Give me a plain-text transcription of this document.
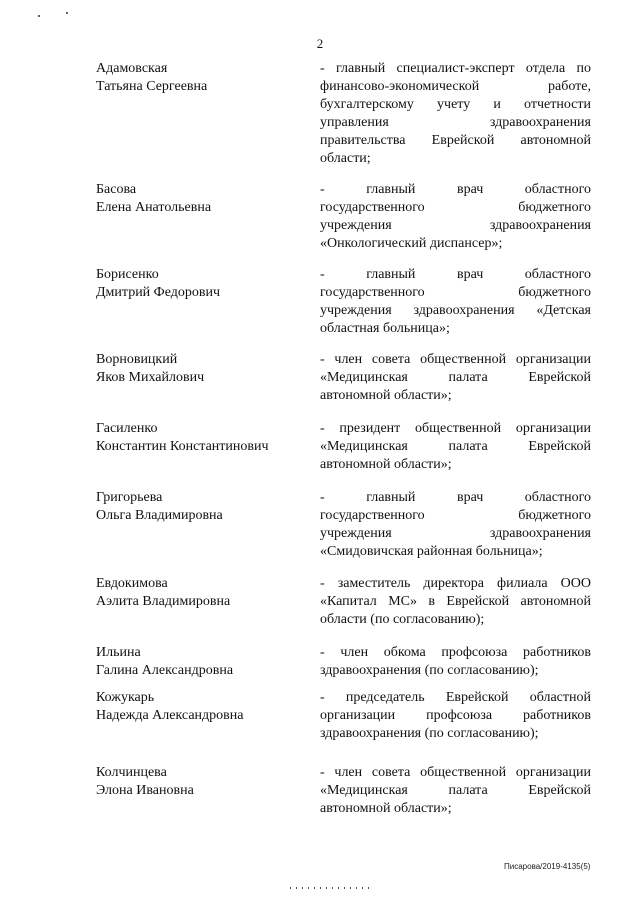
2
Адамовская
Татьяна Сергеевна
- главный специалист-эксперт отдела по
финансово-экономической работе,
бухгалтерскому учету и отчетности
управления здравоохранения
правительства Еврейской автономной
области;
Басова
Елена Анатольевна
- главный врач областного
государственного бюджетного
учреждения здравоохранения
«Онкологический диспансер»;
Борисенко
Дмитрий Федорович
- главный врач областного
государственного бюджетного
учреждения здравоохранения «Детская
областная больница»;
Ворновицкий
Яков Михайлович
- член совета общественной организации
«Медицинская палата Еврейской
автономной области»;
Гасиленко
Константин Константинович
- президент общественной организации
«Медицинская палата Еврейской
автономной области»;
Григорьева
Ольга Владимировна
- главный врач областного
государственного бюджетного
учреждения здравоохранения
«Смидовичская районная больница»;
Евдокимова
Аэлита Владимировна
- заместитель директора филиала ООО
«Капитал МС» в Еврейской автономной
области (по согласованию);
Ильина
Галина Александровна
- член обкома профсоюза работников
здравоохранения (по согласованию);
Кожукарь
Надежда Александровна
- председатель Еврейской областной
организации профсоюза работников
здравоохранения (по согласованию);
Колчинцева
Элона Ивановна
- член совета общественной организации
«Медицинская палата Еврейской
автономной области»;
Писарова/2019-4135(5)
